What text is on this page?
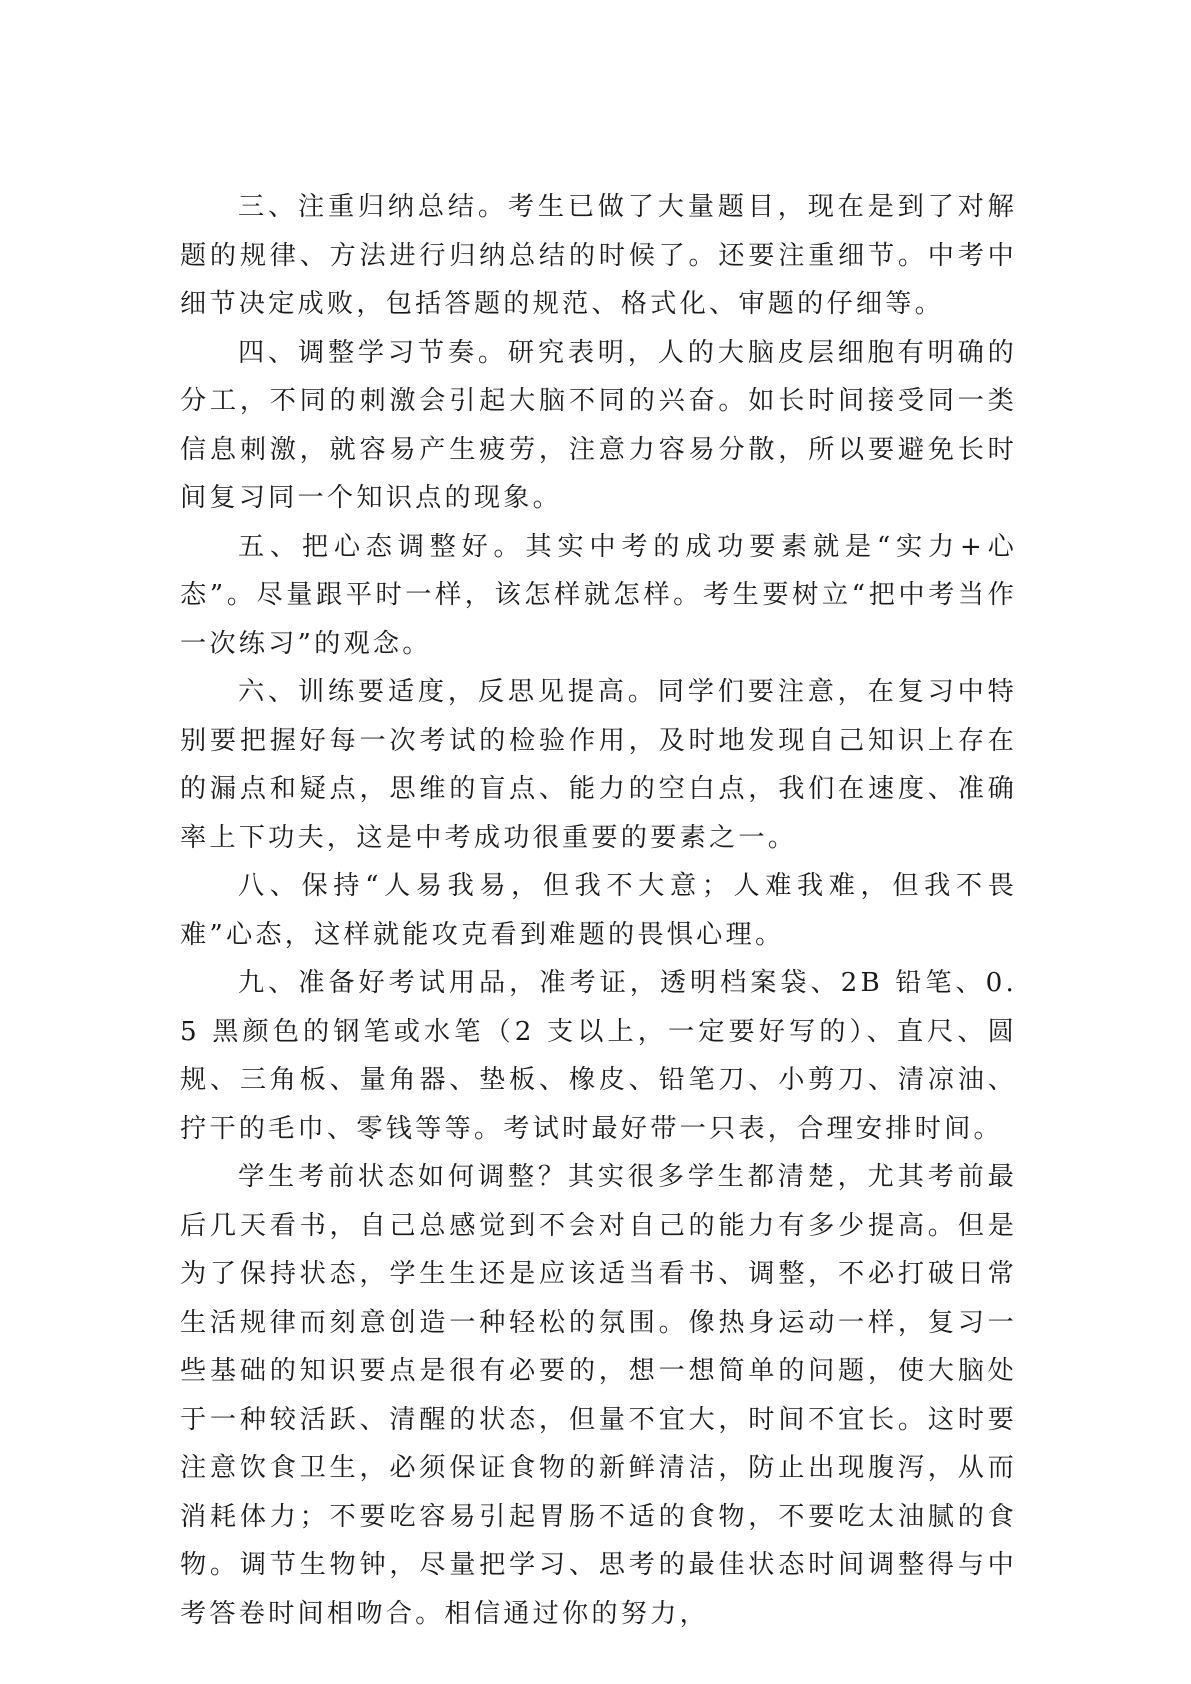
三、注重归纳总结。考生已做了大量题目，现在是到了对解题的规律、方法进行归纳总结的时候了。还要注重细节。中考中细节决定成败，包括答题的规范、格式化、审题的仔细等。

四、调整学习节奏。研究表明，人的大脑皮层细胞有明确的分工，不同的刺激会引起大脑不同的兴奋。如长时间接受同一类信息刺激，就容易产生疲劳，注意力容易分散，所以要避免长时间复习同一个知识点的现象。

五、把心态调整好。其实中考的成功要素就是“实力+心态”。尽量跟平时一样，该怎样就怎样。考生要树立“把中考当作一次练习”的观念。

六、训练要适度，反思见提高。同学们要注意，在复习中特别要把握好每一次考试的检验作用，及时地发现自己知识上存在的漏点和疑点，思维的盲点、能力的空白点，我们在速度、准确率上下功夫，这是中考成功很重要的要素之一。

八、保持“人易我易，但我不大意；人难我难，但我不畏难”心态，这样就能攻克看到难题的畏惧心理。

九、准备好考试用品，准考证，透明档案袋、2B 铅笔、0.5 黑颜色的钢笔或水笔（2 支以上，一定要好写的）、直尺、圆规、三角板、量角器、垫板、橡皮、铅笔刀、小剪刀、清凉油、拧干的毛巾、零钱等等。考试时最好带一只表，合理安排时间。

学生考前状态如何调整？其实很多学生都清楚，尤其考前最后几天看书，自己总感觉到不会对自己的能力有多少提高。但是为了保持状态，学生生还是应该适当看书、调整，不必打破日常生活规律而刻意创造一种轻松的氛围。像热身运动一样，复习一些基础的知识要点是很有必要的，想一想简单的问题，使大脑处于一种较活跃、清醒的状态，但量不宜大，时间不宜长。这时要注意饮食卫生，必须保证食物的新鲜清洁，防止出现腹泻，从而消耗体力；不要吃容易引起胃肠不适的食物，不要吃太油腻的食物。调节生物钟，尽量把学习、思考的最佳状态时间调整得与中考答卷时间相吻合。相信通过你的努力，
